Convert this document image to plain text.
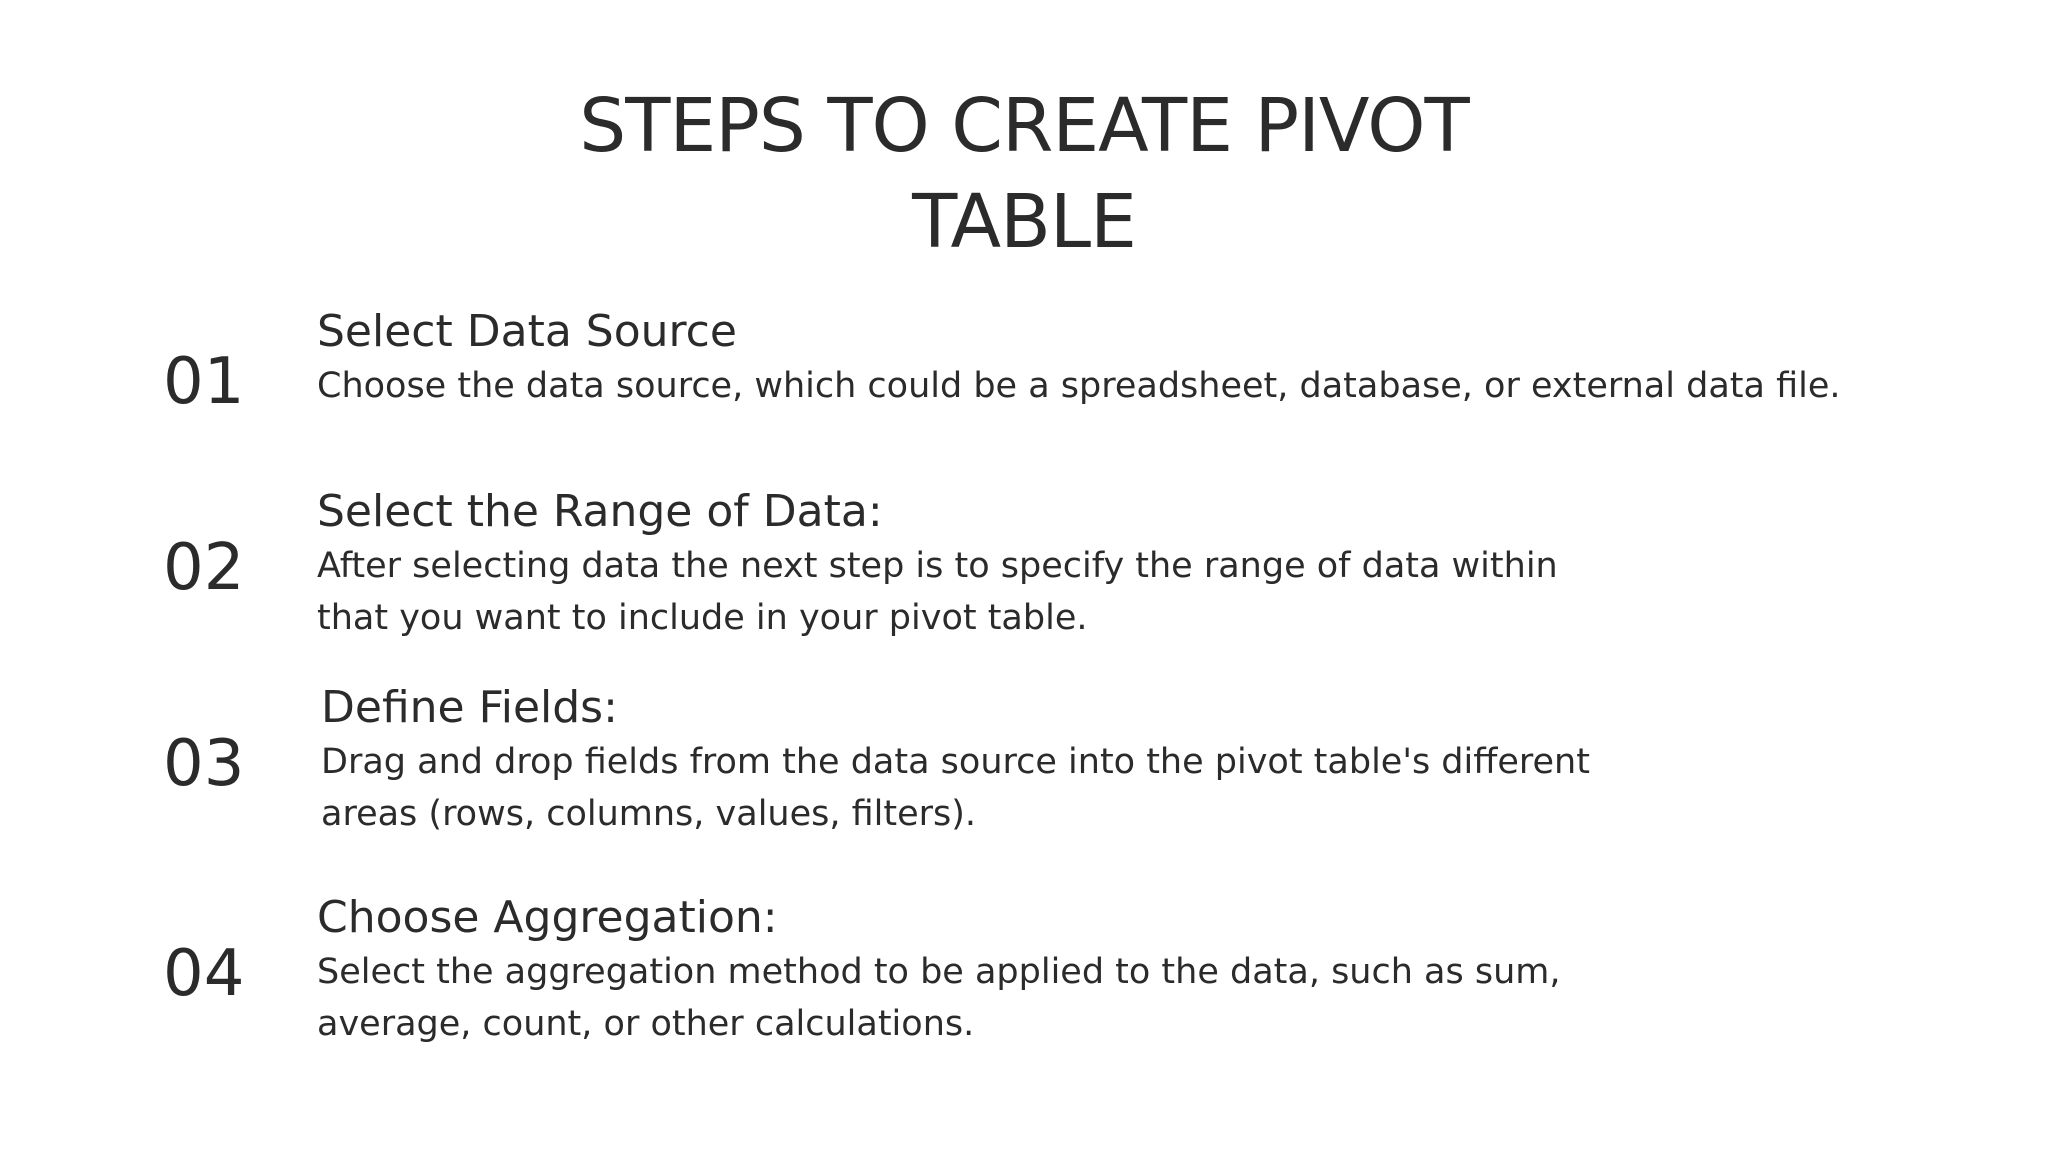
STEPS TO CREATE PIVOT
TABLE
01

Select Data Source

Choose the data source, which could be a spreadsheet, database, or external data file.

02

Select the Range of Data:

After selecting data the next step is to specify the range of data within that you want to include in your pivot table.

03

Define Fields:

Drag and drop fields from the data source into the pivot table's different areas (rows, columns, values, filters).

04

Choose Aggregation:

Select the aggregation method to be applied to the data, such as sum, average, count, or other calculations.
